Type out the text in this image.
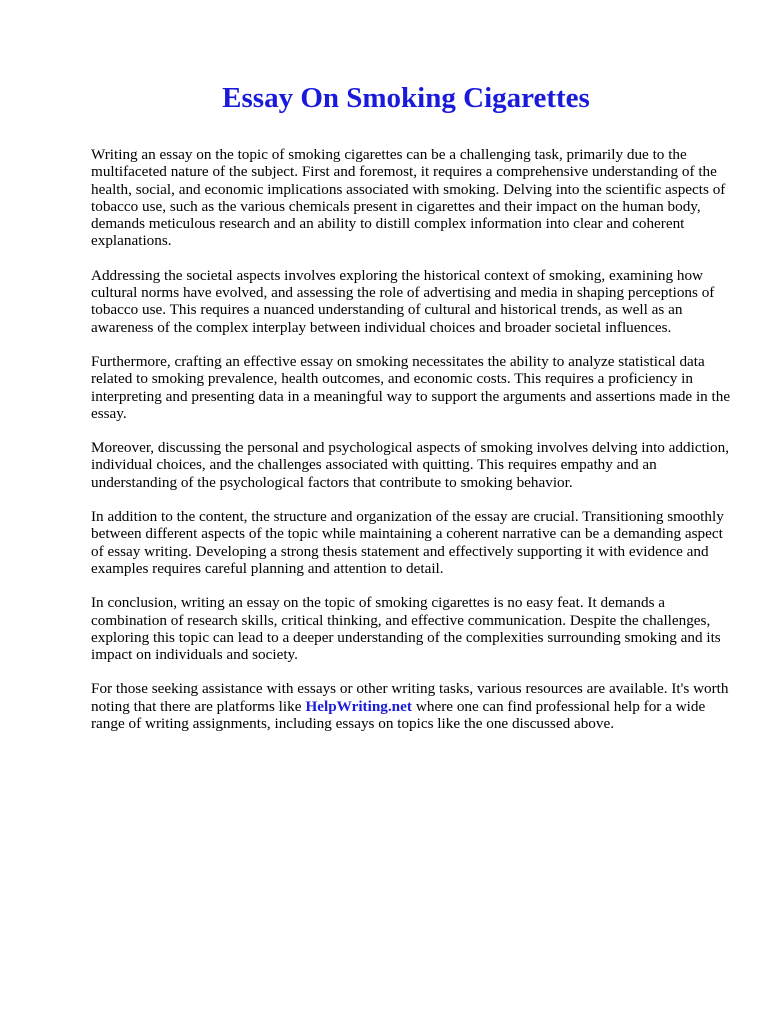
Essay On Smoking Cigarettes

Writing an essay on the topic of smoking cigarettes can be a challenging task, primarily due to the multifaceted nature of the subject. First and foremost, it requires a comprehensive understanding of the health, social, and economic implications associated with smoking. Delving into the scientific aspects of tobacco use, such as the various chemicals present in cigarettes and their impact on the human body, demands meticulous research and an ability to distill complex information into clear and coherent explanations.

Addressing the societal aspects involves exploring the historical context of smoking, examining how cultural norms have evolved, and assessing the role of advertising and media in shaping perceptions of tobacco use. This requires a nuanced understanding of cultural and historical trends, as well as an awareness of the complex interplay between individual choices and broader societal influences.

Furthermore, crafting an effective essay on smoking necessitates the ability to analyze statistical data related to smoking prevalence, health outcomes, and economic costs. This requires a proficiency in interpreting and presenting data in a meaningful way to support the arguments and assertions made in the essay.

Moreover, discussing the personal and psychological aspects of smoking involves delving into addiction, individual choices, and the challenges associated with quitting. This requires empathy and an understanding of the psychological factors that contribute to smoking behavior.

In addition to the content, the structure and organization of the essay are crucial. Transitioning smoothly between different aspects of the topic while maintaining a coherent narrative can be a demanding aspect of essay writing. Developing a strong thesis statement and effectively supporting it with evidence and examples requires careful planning and attention to detail.

In conclusion, writing an essay on the topic of smoking cigarettes is no easy feat. It demands a combination of research skills, critical thinking, and effective communication. Despite the challenges, exploring this topic can lead to a deeper understanding of the complexities surrounding smoking and its impact on individuals and society.

For those seeking assistance with essays or other writing tasks, various resources are available. It's worth noting that there are platforms like HelpWriting.net where one can find professional help for a wide range of writing assignments, including essays on topics like the one discussed above.
